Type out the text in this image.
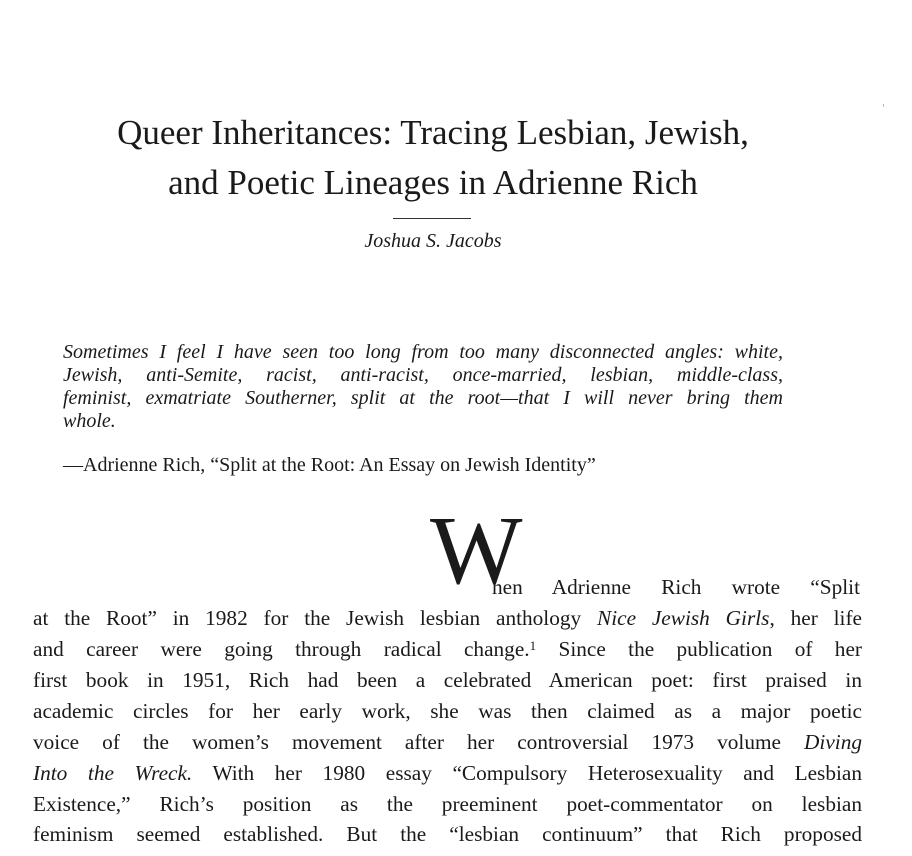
Queer Inheritances: Tracing Lesbian, Jewish,
and Poetic Lineages in Adrienne Rich
Joshua S. Jacobs
Sometimes I feel I have seen too long from too many disconnected angles: white,
Jewish, anti-Semite, racist, anti-racist, once-married, lesbian, middle-class,
feminist, exmatriate Southerner, split at the root—that I will never bring them
whole.
—Adrienne Rich, “Split at the Root: An Essay on Jewish Identity”
W
hen Adrienne Rich wrote “Split
at the Root” in 1982 for the Jewish lesbian anthology Nice Jewish Girls, her life
and career were going through radical change.$^1$ Since the publication of her
first book in 1951, Rich had been a celebrated American poet: first praised in
academic circles for her early work, she was then claimed as a major poetic
voice of the women’s movement after her controversial 1973 volume Diving
Into the Wreck. With her 1980 essay “Compulsory Heterosexuality and Lesbian
Existence,” Rich’s position as the preeminent poet-commentator on lesbian
feminism seemed established. But the “lesbian continuum” that Rich proposed
